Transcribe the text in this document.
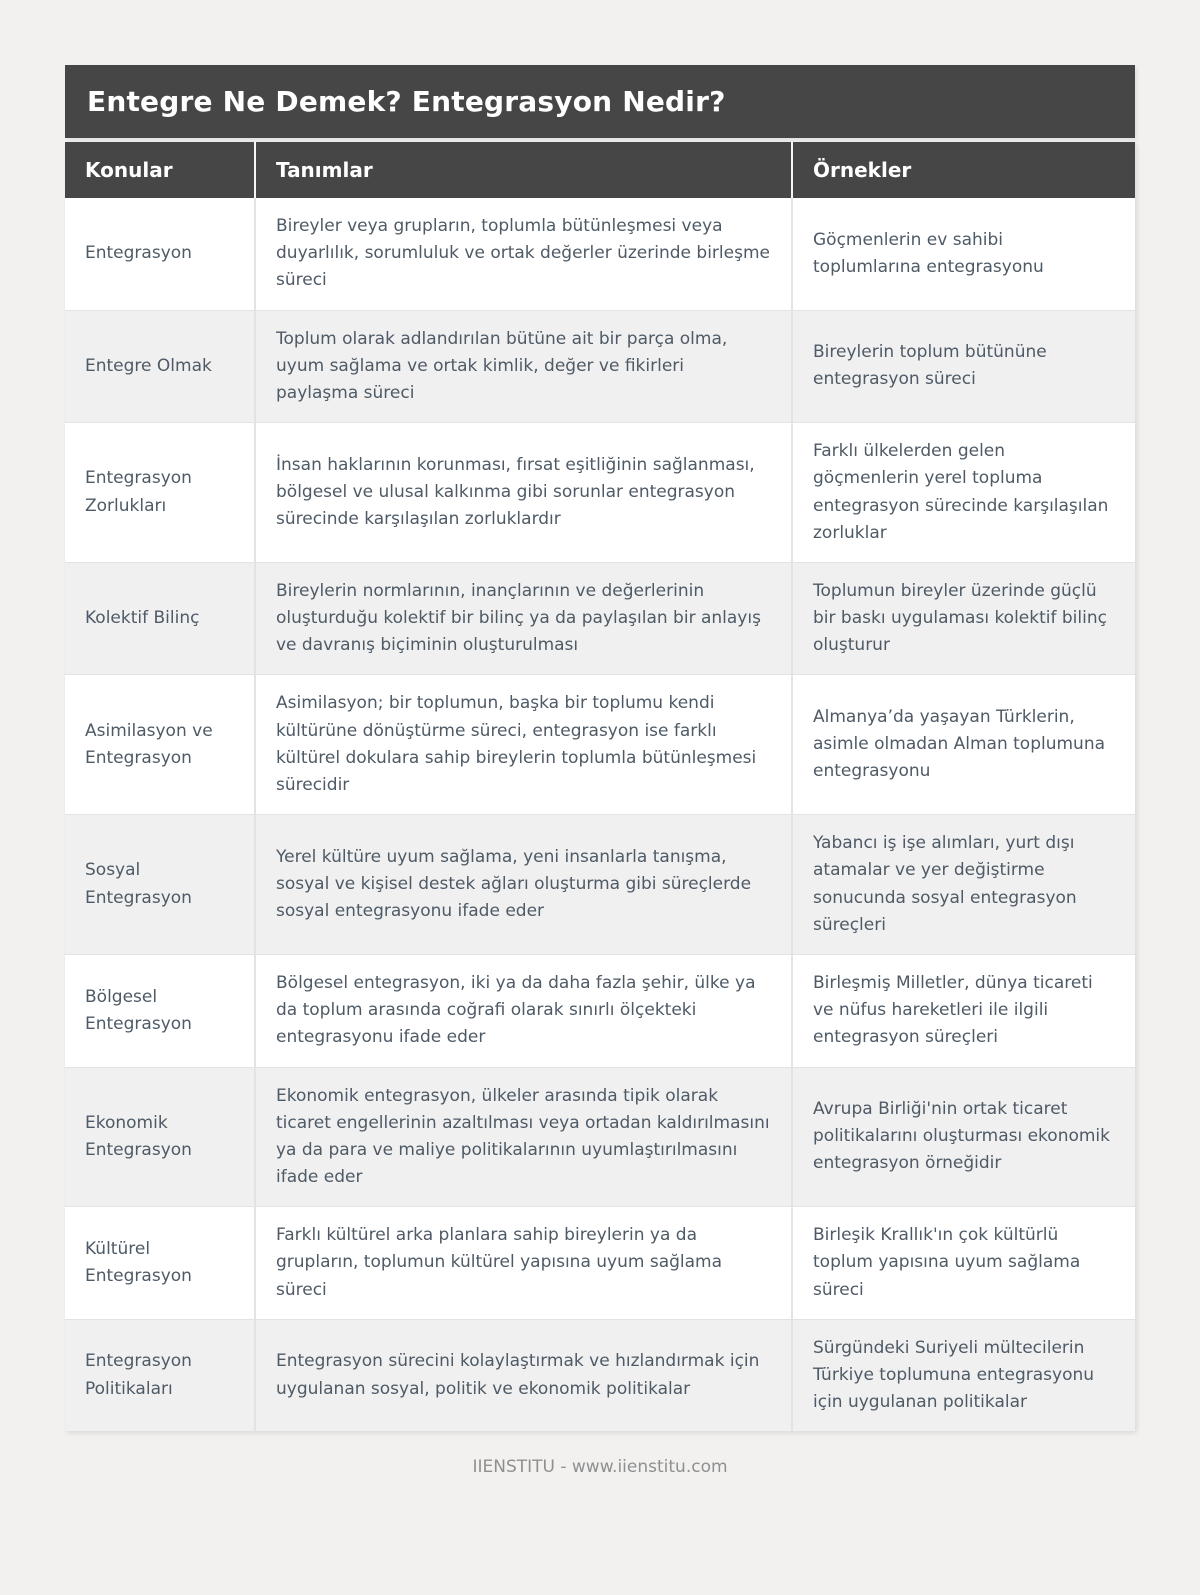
Entegre Ne Demek? Entegrasyon Nedir?
Konular	Tanımlar	Örnekler
Entegrasyon	Bireyler veya grupların, toplumla bütünleşmesi veya duyarlılık, sorumluluk ve ortak değerler üzerinde birleşme süreci	Göçmenlerin ev sahibi toplumlarına entegrasyonu
Entegre Olmak	Toplum olarak adlandırılan bütüne ait bir parça olma, uyum sağlama ve ortak kimlik, değer ve fikirleri paylaşma süreci	Bireylerin toplum bütününe entegrasyon süreci
Entegrasyon Zorlukları	İnsan haklarının korunması, fırsat eşitliğinin sağlanması, bölgesel ve ulusal kalkınma gibi sorunlar entegrasyon sürecinde karşılaşılan zorluklardır	Farklı ülkelerden gelen göçmenlerin yerel topluma entegrasyon sürecinde karşılaşılan zorluklar
Kolektif Bilinç	Bireylerin normlarının, inançlarının ve değerlerinin oluşturduğu kolektif bir bilinç ya da paylaşılan bir anlayış ve davranış biçiminin oluşturulması	Toplumun bireyler üzerinde güçlü bir baskı uygulaması kolektif bilinç oluşturur
Asimilasyon ve Entegrasyon	Asimilasyon; bir toplumun, başka bir toplumu kendi kültürüne dönüştürme süreci, entegrasyon ise farklı kültürel dokulara sahip bireylerin toplumla bütünleşmesi sürecidir	Almanya’da yaşayan Türklerin, asimle olmadan Alman toplumuna entegrasyonu
Sosyal Entegrasyon	Yerel kültüre uyum sağlama, yeni insanlarla tanışma, sosyal ve kişisel destek ağları oluşturma gibi süreçlerde sosyal entegrasyonu ifade eder	Yabancı iş işe alımları, yurt dışı atamalar ve yer değiştirme sonucunda sosyal entegrasyon süreçleri
Bölgesel Entegrasyon	Bölgesel entegrasyon, iki ya da daha fazla şehir, ülke ya da toplum arasında coğrafi olarak sınırlı ölçekteki entegrasyonu ifade eder	Birleşmiş Milletler, dünya ticareti ve nüfus hareketleri ile ilgili entegrasyon süreçleri
Ekonomik Entegrasyon	Ekonomik entegrasyon, ülkeler arasında tipik olarak ticaret engellerinin azaltılması veya ortadan kaldırılmasını ya da para ve maliye politikalarının uyumlaştırılmasını ifade eder	Avrupa Birliği'nin ortak ticaret politikalarını oluşturması ekonomik entegrasyon örneğidir
Kültürel Entegrasyon	Farklı kültürel arka planlara sahip bireylerin ya da grupların, toplumun kültürel yapısına uyum sağlama süreci	Birleşik Krallık'ın çok kültürlü toplum yapısına uyum sağlama süreci
Entegrasyon Politikaları	Entegrasyon sürecini kolaylaştırmak ve hızlandırmak için uygulanan sosyal, politik ve ekonomik politikalar	Sürgündeki Suriyeli mültecilerin Türkiye toplumuna entegrasyonu için uygulanan politikalar
IIENSTITU - www.iienstitu.com
